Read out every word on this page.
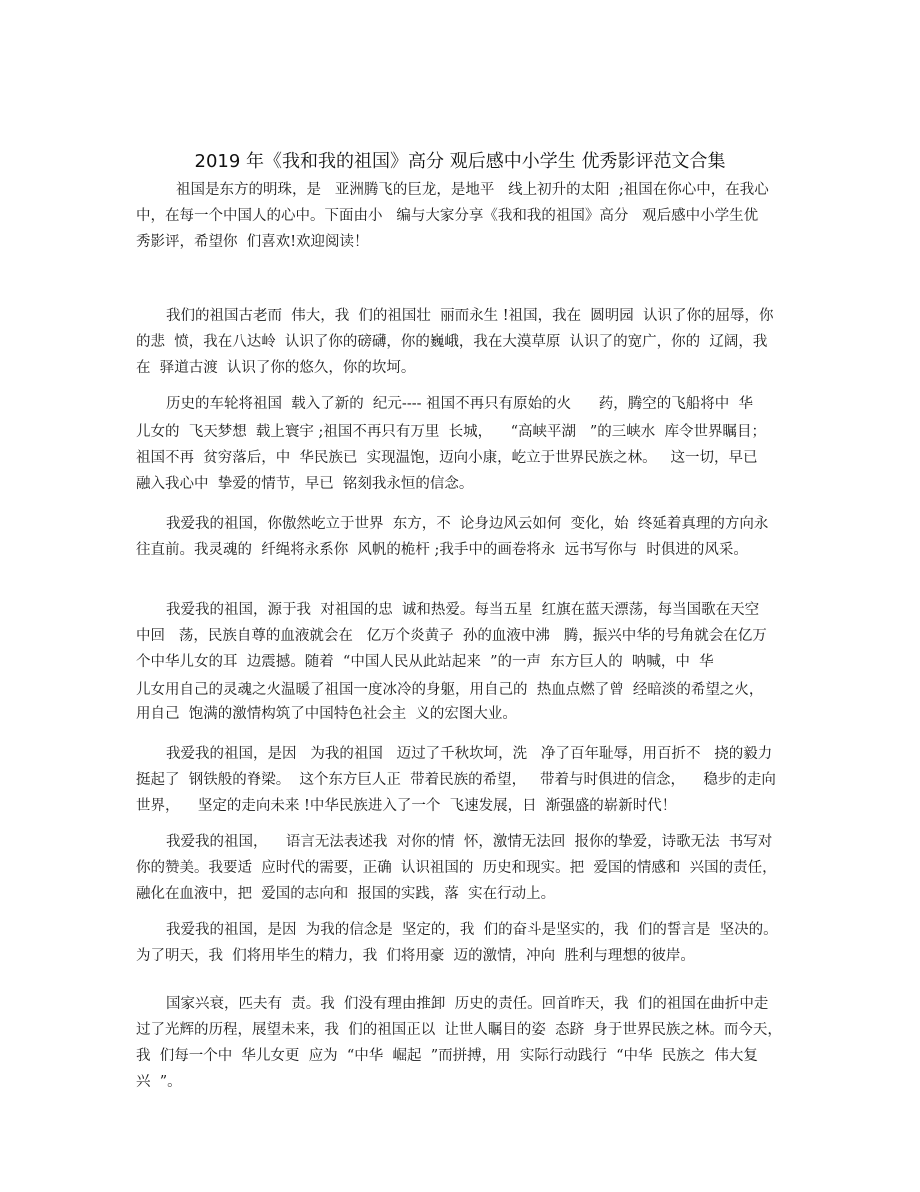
2019 年《我和我的祖国》高分 观后感中小学生 优秀影评范文合集
祖国是东方的明珠，是   亚洲腾飞的巨龙，是地平   线上初升的太阳  ;祖国在你心中，在我心
中，在每一个中国人的心中。下面由小   编与大家分享《我和我的祖国》高分   观后感中小学生优
秀影评，希望你  们喜欢!欢迎阅读！
我们的祖国古老而  伟大，我  们的祖国壮  丽而永生 !祖国，我在  圆明园  认识了你的屈辱，你
的悲  愤，我在八达岭  认识了你的磅礴，你的巍峨，我在大漠草原  认识了的宽广，你的  辽阔，我
在  驿道古渡  认识了你的悠久，你的坎坷。
历史的车轮将祖国  载入了新的  纪元---- 祖国不再只有原始的火      药，腾空的飞船将中  华
儿女的  飞天梦想  载上寰宇 ;祖国不再只有万里  长城，    “高峡平湖   ”的三峡水  库令世界瞩目；
祖国不再  贫穷落后，中  华民族已  实现温饱，迈向小康，屹立于世界民族之林。   这一切，早已
融入我心中  挚爱的情节，早已  铭刻我永恒的信念。
我爱我的祖国，你傲然屹立于世界  东方，不  论身边风云如何  变化，始  终延着真理的方向永
往直前。我灵魂的  纤绳将永系你  风帆的桅杆 ;我手中的画卷将永  远书写你与  时俱进的风采。
我爱我的祖国，源于我  对祖国的忠  诚和热爱。每当五星  红旗在蓝天漂荡，每当国歌在天空
中回   荡，民族自尊的血液就会在   亿万个炎黄子  孙的血液中沸   腾，振兴中华的号角就会在亿万
个中华儿女的耳  边震撼。随着  “中国人民从此站起来  ”的一声  东方巨人的  呐喊，中  华
儿女用自己的灵魂之火温暖了祖国一度冰冷的身躯，用自己的  热血点燃了曾  经暗淡的希望之火，
用自己  饱满的激情构筑了中国特色社会主  义的宏图大业。
我爱我的祖国，是因   为我的祖国   迈过了千秋坎坷，洗   净了百年耻辱，用百折不   挠的毅力
挺起了  钢铁般的脊梁。  这个东方巨人正  带着民族的希望，   带着与时俱进的信念，    稳步的走向
世界，    坚定的走向未来 !中华民族进入了一个  飞速发展，日  渐强盛的崭新时代！
我爱我的祖国，    语言无法表述我  对你的情  怀，激情无法回  报你的挚爱，诗歌无法  书写对
你的赞美。我要适  应时代的需要，正确  认识祖国的  历史和现实。把  爱国的情感和  兴国的责任，
融化在血液中，把  爱国的志向和  报国的实践，落  实在行动上。
我爱我的祖国，是因  为我的信念是  坚定的，我  们的奋斗是坚实的，我  们的誓言是  坚决的。
为了明天，我  们将用毕生的精力，我  们将用豪  迈的激情，冲向  胜利与理想的彼岸。
国家兴衰，匹夫有  责。我  们没有理由推卸  历史的责任。回首昨天，我  们的祖国在曲折中走
过了光辉的历程，展望未来，我  们的祖国正以  让世人瞩目的姿  态跻  身于世界民族之林。而今天，
我  们每一个中  华儿女更  应为  “中华  崛起  ”而拼搏，用  实际行动践行  “中华  民族之  伟大复
兴  ”。
